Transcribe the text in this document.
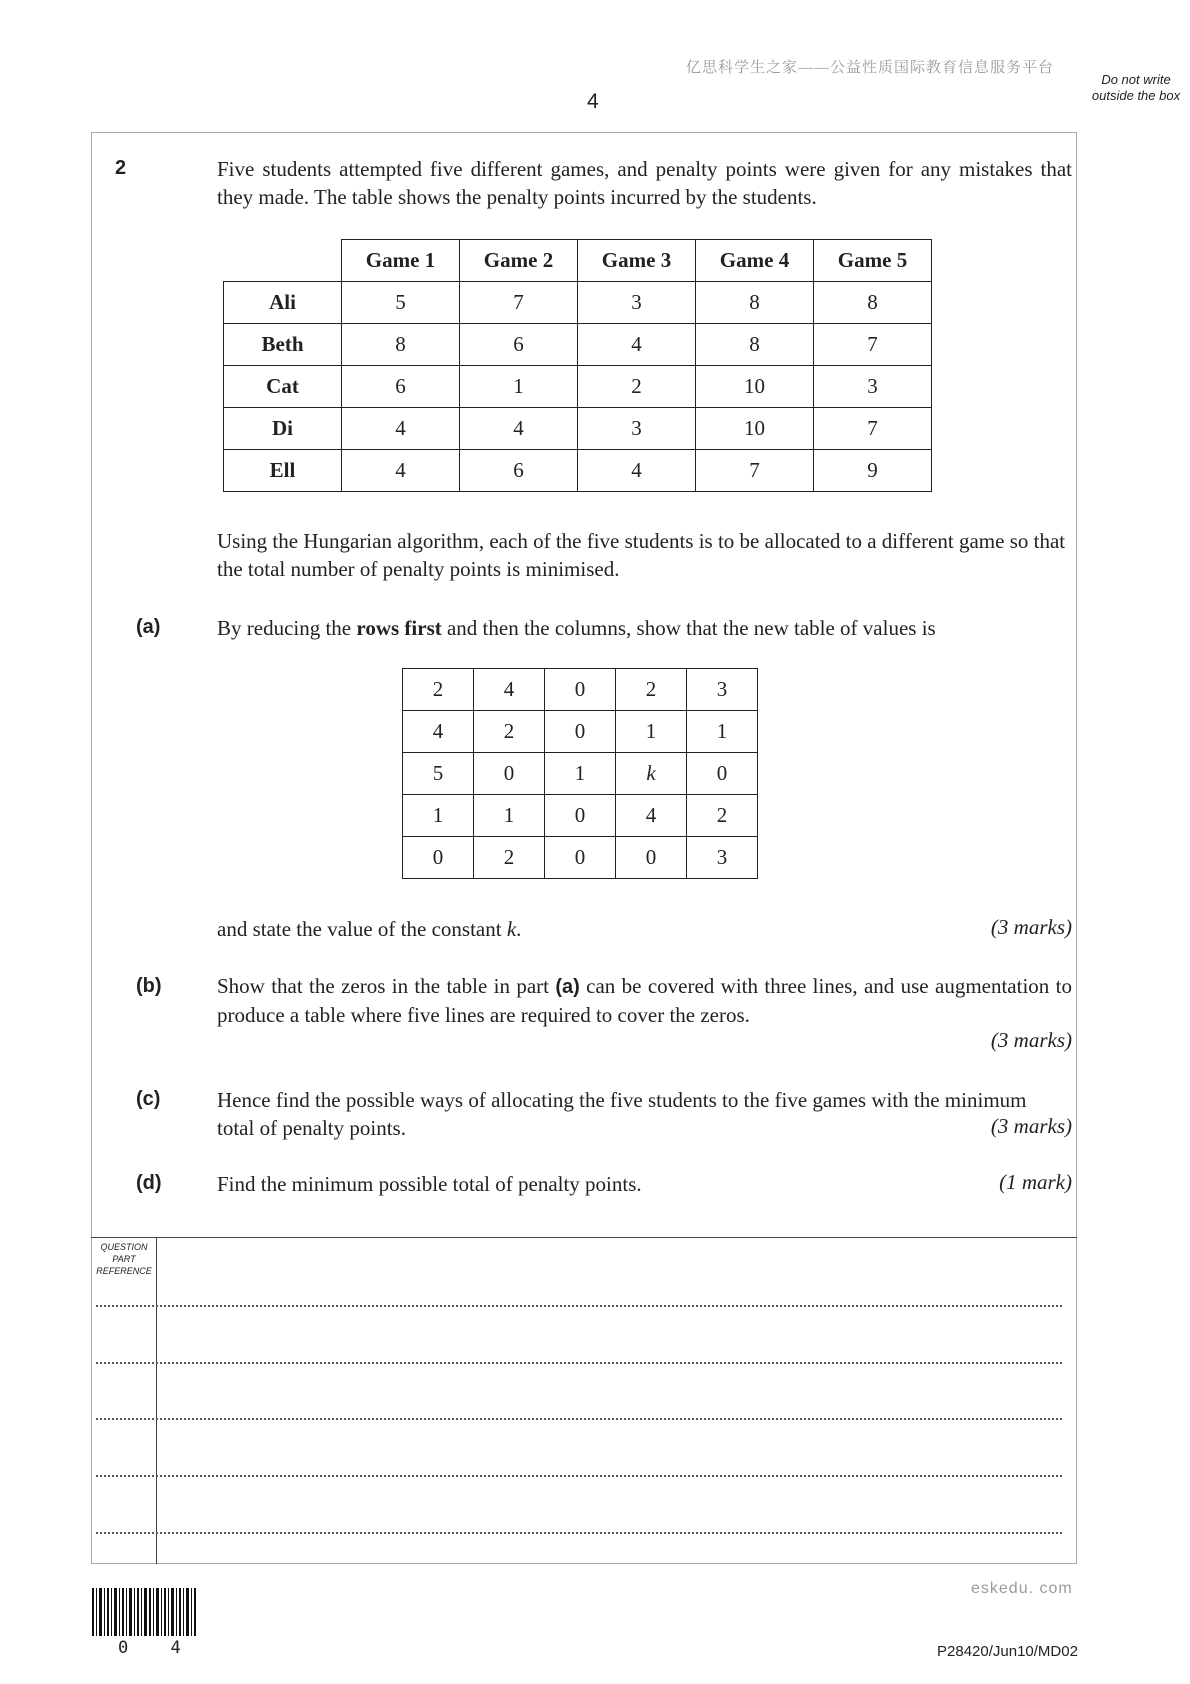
亿思科学生之家——公益性质国际教育信息服务平台
4
Do not write outside the box
2	Five students attempted five different games, and penalty points were given for any mistakes that they made. The table shows the penalty points incurred by the students.
	Game 1	Game 2	Game 3	Game 4	Game 5
Ali	5	7	3	8	8
Beth	8	6	4	8	7
Cat	6	1	2	10	3
Di	4	4	3	10	7
Ell	4	6	4	7	9
Using the Hungarian algorithm, each of the five students is to be allocated to a different game so that the total number of penalty points is minimised.
(a)	By reducing the rows first and then the columns, show that the new table of values is
2	4	0	2	3
4	2	0	1	1
5	0	1	k	0
1	1	0	4	2
0	2	0	0	3
and state the value of the constant k.	(3 marks)
(b)	Show that the zeros in the table in part (a) can be covered with three lines, and use augmentation to produce a table where five lines are required to cover the zeros.
(3 marks)
(c)	Hence find the possible ways of allocating the five students to the five games with the minimum total of penalty points.	(3 marks)
(d)	Find the minimum possible total of penalty points.	(1 mark)
QUESTION PART REFERENCE
eskedu. com
0 4	P28420/Jun10/MD02
